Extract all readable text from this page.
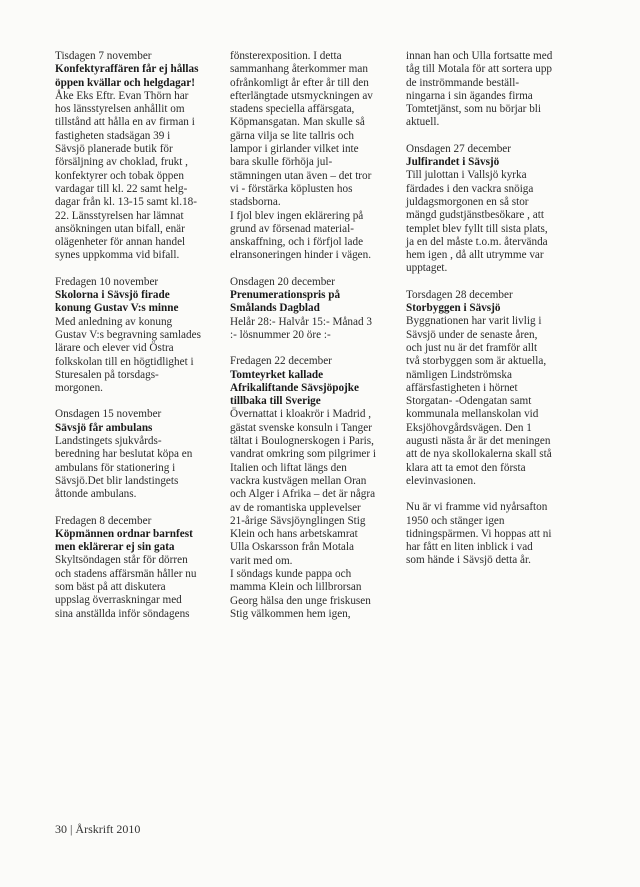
Tisdagen 7 november
Konfektyraffären får ej hållas
öppen kvällar och helgdagar!
Åke Eks Eftr. Evan Thörn har
hos länsstyrelsen anhållit om
tillstånd att hålla en av firman i
fastigheten stadsägan 39 i
Sävsjö planerade butik för
försäljning av choklad, frukt ,
konfektyrer och tobak öppen
vardagar till kl. 22 samt helg-
dagar från kl. 13-15 samt kl.18-
22. Länsstyrelsen har lämnat
ansökningen utan bifall, enär
olägenheter för annan handel
synes uppkomma vid bifall.
Fredagen 10 november
Skolorna i Sävsjö firade
konung Gustav V:s minne
Med anledning av konung
Gustav V:s begravning samlades
lärare och elever vid Östra
folkskolan till en högtidlighet i
Sturesalen på torsdags-
morgonen.
Onsdagen 15 november
Sävsjö får ambulans
Landstingets sjukvårds-
beredning har beslutat köpa en
ambulans för stationering i
Sävsjö.Det blir landstingets
åttonde ambulans.
Fredagen 8 december
Köpmännen ordnar barnfest
men eklärerar ej sin gata
Skyltsöndagen står för dörren
och stadens affärsmän håller nu
som bäst på att diskutera
uppslag överraskningar med
sina anställda inför söndagens
fönsterexposition. I detta
sammanhang återkommer man
ofrånkomligt år efter år till den
efterlängtade utsmyckningen av
stadens speciella affärsgata,
Köpmansgatan. Man skulle så
gärna vilja se lite tallris och
lampor i girlander vilket inte
bara skulle förhöja jul-
stämningen utan även – det tror
vi - förstärka köplusten hos
stadsborna.
I fjol blev ingen eklärering på
grund av försenad material-
anskaffning, och i förfjol lade
elransoneringen hinder i vägen.
Onsdagen 20 december
Prenumerationspris på
Smålands Dagblad
Helår 28:- Halvår 15:- Månad 3
:- lösnummer 20 öre :-
Fredagen 22 december
Tomteyrket kallade
Afrikaliftande Sävsjöpojke
tillbaka till Sverige
Övernattat i kloakrör i Madrid ,
gästat svenske konsuln i Tanger
tältat i Boulognerskogen i Paris,
vandrat omkring som pilgrimer i
Italien och liftat längs den
vackra kustvägen mellan Oran
och Alger i Afrika – det är några
av de romantiska upplevelser
21-årige Sävsjöynglingen Stig
Klein och hans arbetskamrat
Ulla Oskarsson från Motala
varit med om.
I söndags kunde pappa och
mamma Klein och lillbrorsan
Georg hälsa den unge friskusen
Stig välkommen hem igen,
innan han och Ulla fortsatte med
tåg till Motala för att sortera upp
de inströmmande beställ-
ningarna i sin ägandes firma
Tomtetjänst, som nu börjar bli
aktuell.
Onsdagen 27 december
Julfirandet i Sävsjö
Till julottan i Vallsjö kyrka
färdades i den vackra snöiga
juldagsmorgonen en så stor
mängd gudstjänstbesökare , att
templet blev fyllt till sista plats,
ja en del måste t.o.m. återvända
hem igen , då allt utrymme var
upptaget.
Torsdagen 28 december
Storbyggen i Sävsjö
Byggnationen har varit livlig i
Sävsjö under de senaste åren,
och just nu är det framför allt
två storbyggen som är aktuella,
nämligen Lindströmska
affärsfastigheten i hörnet
Storgatan- -Odengatan samt
kommunala mellanskolan vid
Eksjöhovgårdsvägen. Den 1
augusti nästa år är det meningen
att de nya skollokalerna skall stå
klara att ta emot den första
elevinvasionen.
Nu är vi framme vid nyårsafton
1950 och stänger igen
tidningspärmen. Vi hoppas att ni
har fått en liten inblick i vad
som hände i Sävsjö detta år.
30 | Årskrift 2010
